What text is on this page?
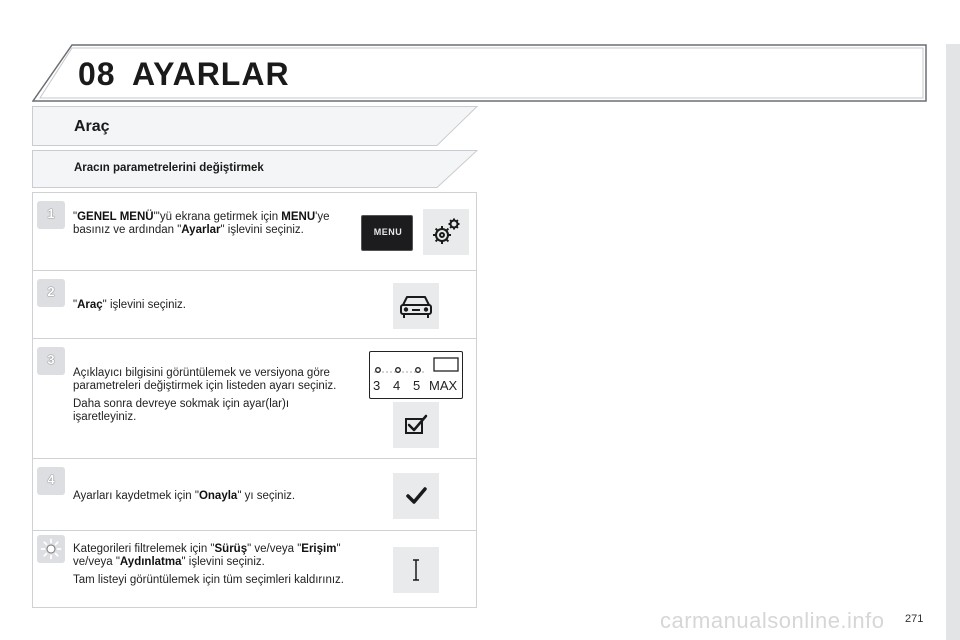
08 AYARLAR
Araç
Aracın parametrelerini değiştirmek
1	"GENEL MENÜ"'yü ekrana getirmek için MENU'ye basınız ve ardından "Ayarlar" işlevini seçiniz.	MENU
2
"Araç" işlevini seçiniz.
3

Açıklayıcı bilgisini görüntülemek ve versiyona göre parametreleri değiştirmek için listeden ayarı seçiniz.

Daha sonra devreye sokmak için ayar(lar)ı işaretleyiniz.

3 4 5 MAX
4
Ayarları kaydetmek için "Onayla" yı seçiniz.

Kategorileri filtrelemek için "Sürüş" ve/veya "Erişim" ve/veya "Aydınlatma" işlevini seçiniz.

Tam listeyi görüntülemek için tüm seçimleri kaldırınız.

carmanualsonline.info 271
